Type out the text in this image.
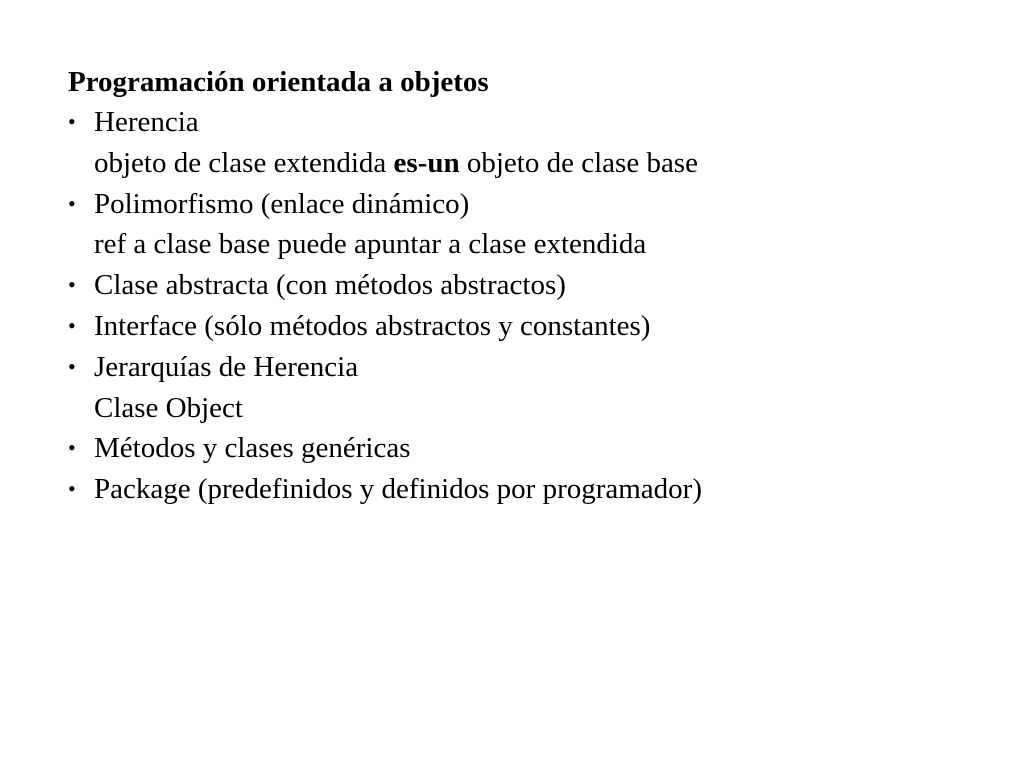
Programación orientada a objetos
• Herencia
objeto de clase extendida es-un objeto de clase base
• Polimorfismo (enlace dinámico)
ref a clase base puede apuntar a clase extendida
• Clase abstracta (con métodos abstractos)
• Interface (sólo métodos abstractos y constantes)
• Jerarquías de Herencia
Clase Object
• Métodos y clases genéricas
• Package (predefinidos y definidos por programador)
